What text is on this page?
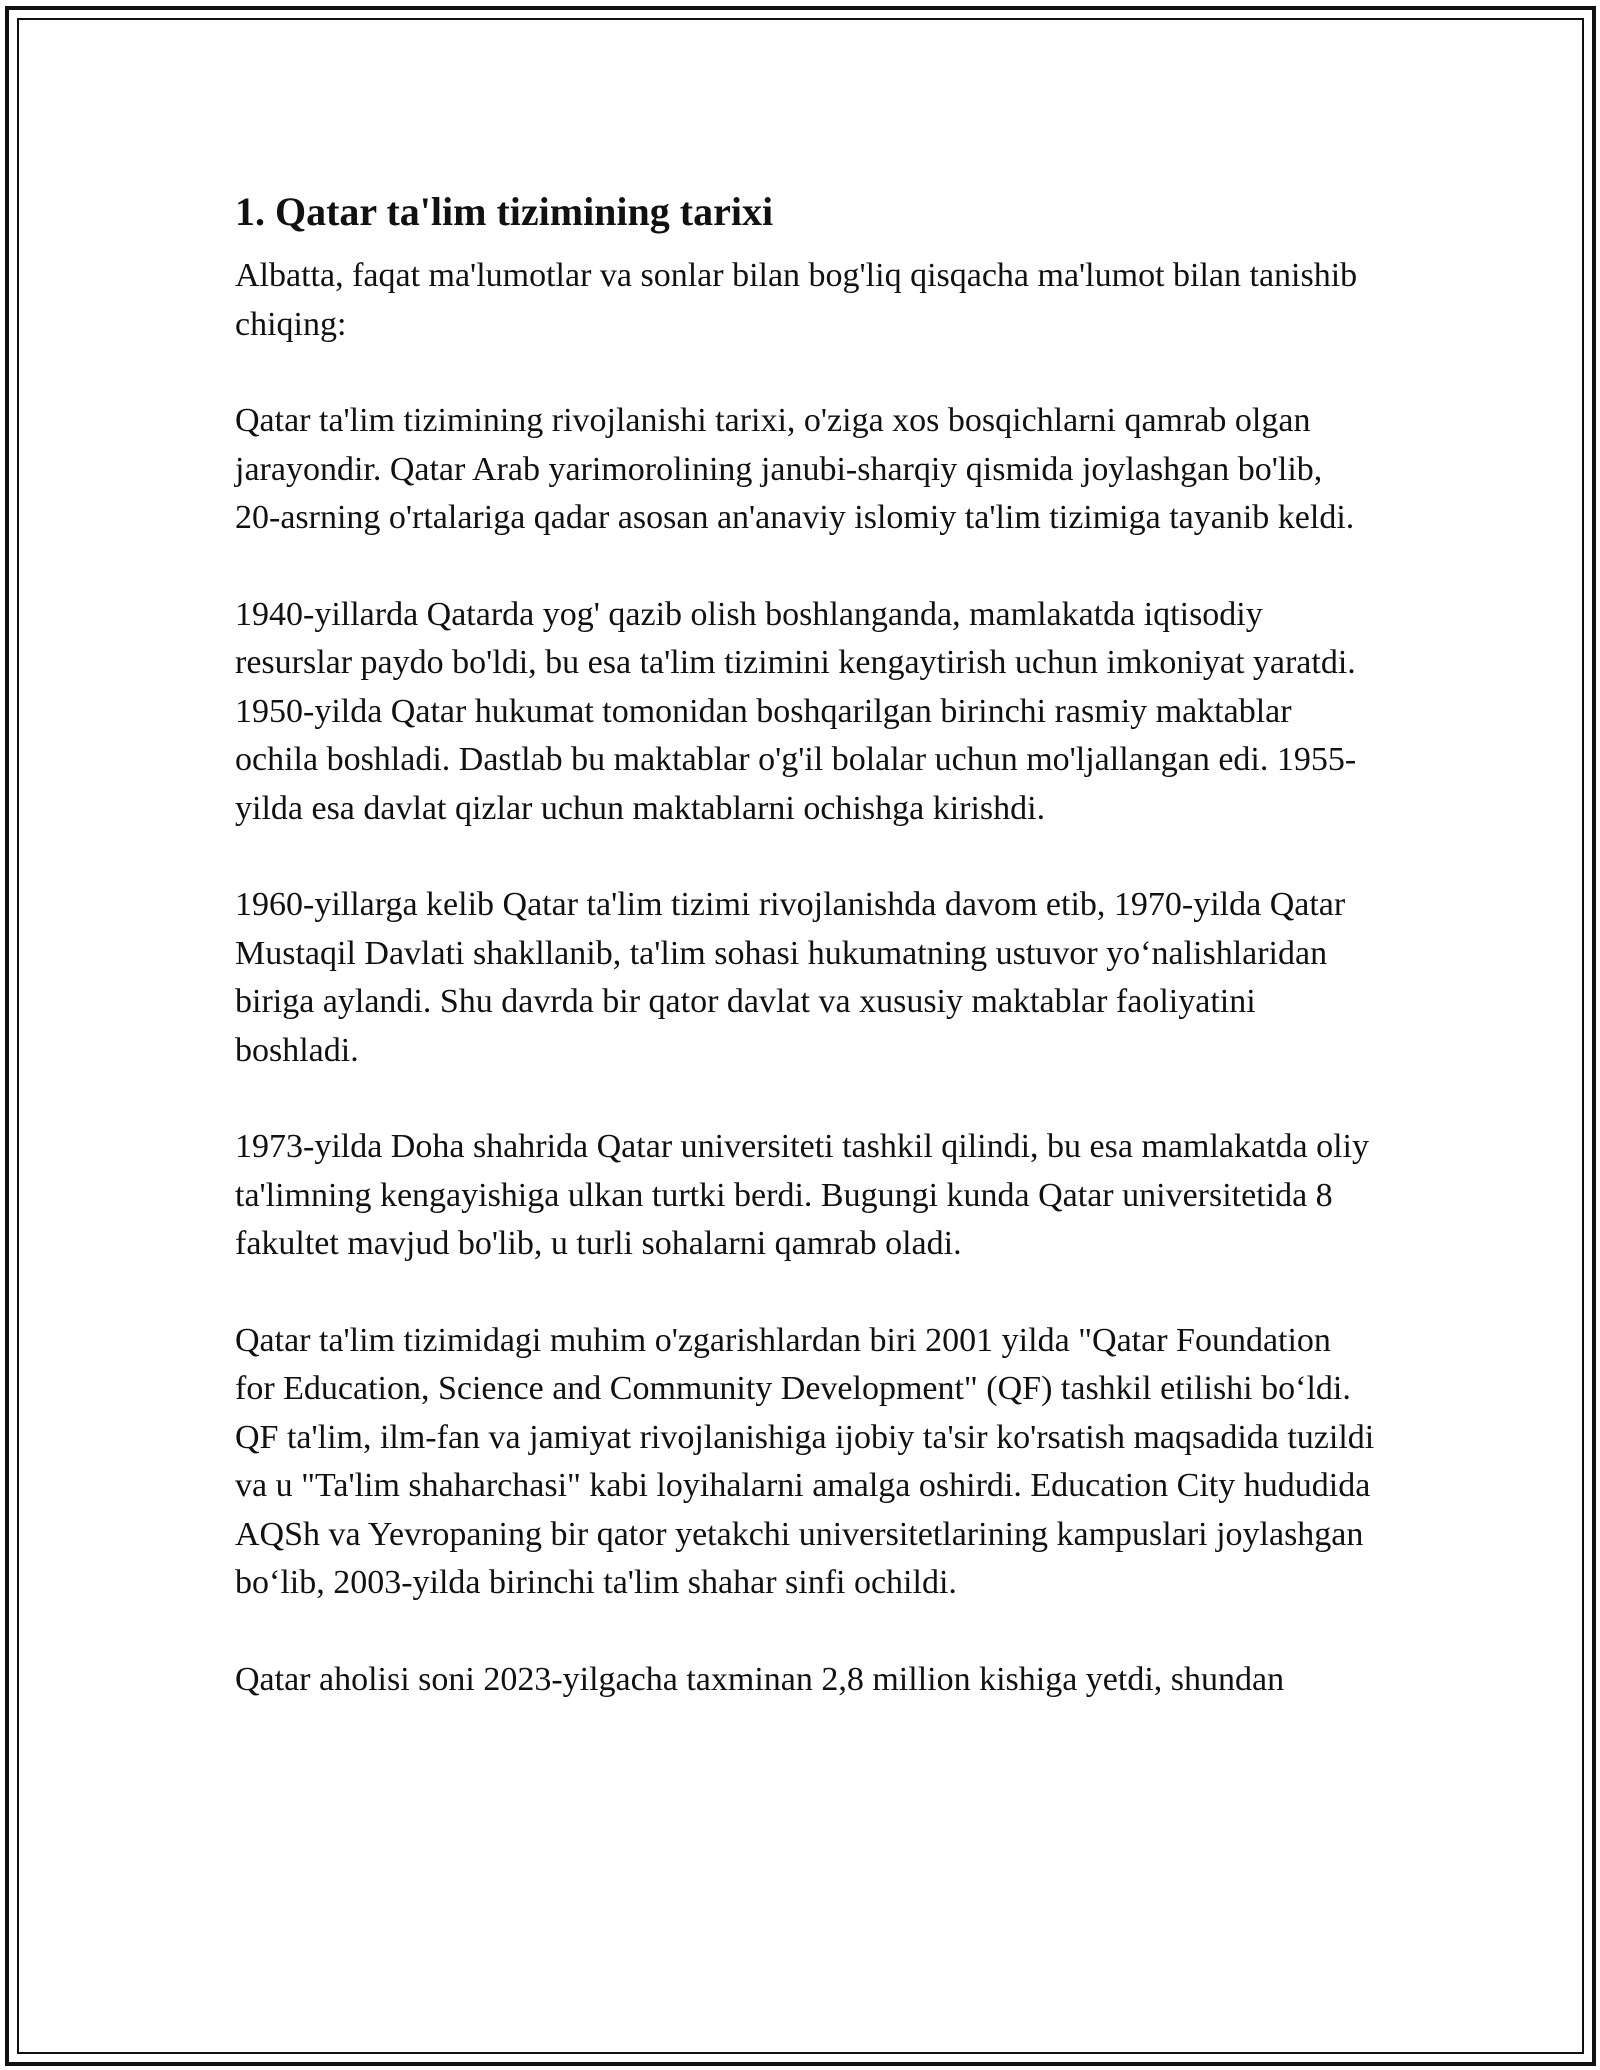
1. Qatar ta'lim tizimining tarixi

Albatta, faqat ma'lumotlar va sonlar bilan bog'liq qisqacha ma'lumot bilan tanishib chiqing:

Qatar ta'lim tizimining rivojlanishi tarixi, o'ziga xos bosqichlarni qamrab olgan jarayondir. Qatar Arab yarimorolining janubi-sharqiy qismida joylashgan bo'lib, 20-asrning o'rtalariga qadar asosan an'anaviy islomiy ta'lim tizimiga tayanib keldi.

1940-yillarda Qatarda yog' qazib olish boshlanganda, mamlakatda iqtisodiy resurslar paydo bo'ldi, bu esa ta'lim tizimini kengaytirish uchun imkoniyat yaratdi. 1950-yilda Qatar hukumat tomonidan boshqarilgan birinchi rasmiy maktablar ochila boshladi. Dastlab bu maktablar o'g'il bolalar uchun mo'ljallangan edi. 1955-yilda esa davlat qizlar uchun maktablarni ochishga kirishdi.

1960-yillarga kelib Qatar ta'lim tizimi rivojlanishda davom etib, 1970-yilda Qatar Mustaqil Davlati shakllanib, ta'lim sohasi hukumatning ustuvor yo‘nalishlaridan biriga aylandi. Shu davrda bir qator davlat va xususiy maktablar faoliyatini boshladi.

1973-yilda Doha shahrida Qatar universiteti tashkil qilindi, bu esa mamlakatda oliy ta'limning kengayishiga ulkan turtki berdi. Bugungi kunda Qatar universitetida 8 fakultet mavjud bo'lib, u turli sohalarni qamrab oladi.

Qatar ta'lim tizimidagi muhim o'zgarishlardan biri 2001 yilda "Qatar Foundation for Education, Science and Community Development" (QF) tashkil etilishi bo‘ldi. QF ta'lim, ilm-fan va jamiyat rivojlanishiga ijobiy ta'sir ko'rsatish maqsadida tuzildi va u "Ta'lim shaharchasi" kabi loyihalarni amalga oshirdi. Education City hududida AQSh va Yevropaning bir qator yetakchi universitetlarining kampuslari joylashgan bo‘lib, 2003-yilda birinchi ta'lim shahar sinfi ochildi.

Qatar aholisi soni 2023-yilgacha taxminan 2,8 million kishiga yetdi, shundan
